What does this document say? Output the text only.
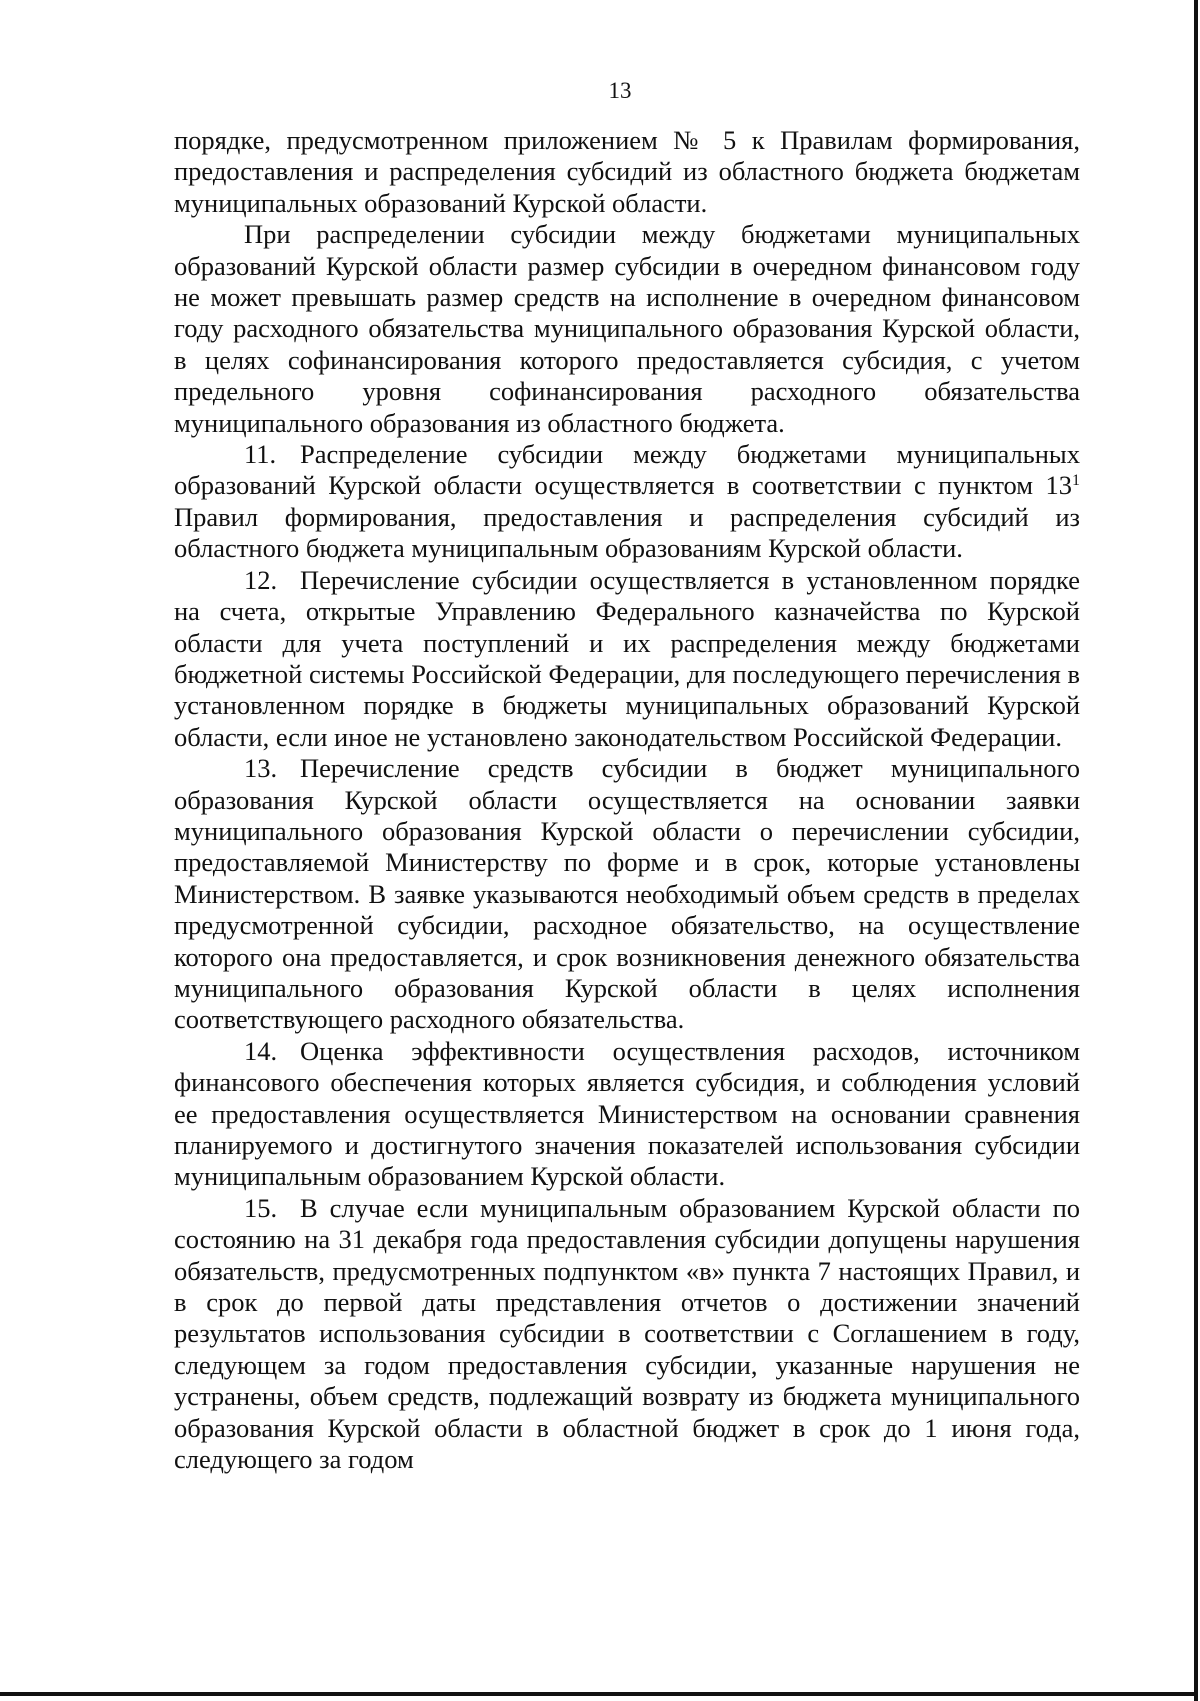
13

порядке, предусмотренном приложением № 5 к Правилам формирования, предоставления и распределения субсидий из областного бюджета бюджетам муниципальных образований Курской области.

При распределении субсидии между бюджетами муниципальных образований Курской области размер субсидии в очередном финансовом году не может превышать размер средств на исполнение в очередном финансовом году расходного обязательства муниципального образования Курской области, в целях софинансирования которого предоставляется субсидия, с учетом предельного уровня софинансирования расходного обязательства муниципального образования из областного бюджета.

11. Распределение субсидии между бюджетами муниципальных образований Курской области осуществляется в соответствии с пунктом $13^1$ Правил формирования, предоставления и распределения субсидий из областного бюджета муниципальным образованиям Курской области.

12. Перечисление субсидии осуществляется в установленном порядке на счета, открытые Управлению Федерального казначейства по Курской области для учета поступлений и их распределения между бюджетами бюджетной системы Российской Федерации, для последующего перечисления в установленном порядке в бюджеты муниципальных образований Курской области, если иное не установлено законодательством Российской Федерации.

13. Перечисление средств субсидии в бюджет муниципального образования Курской области осуществляется на основании заявки муниципального образования Курской области о перечислении субсидии, предоставляемой Министерству по форме и в срок, которые установлены Министерством. В заявке указываются необходимый объем средств в пределах предусмотренной субсидии, расходное обязательство, на осуществление которого она предоставляется, и срок возникновения денежного обязательства муниципального образования Курской области в целях исполнения соответствующего расходного обязательства.

14. Оценка эффективности осуществления расходов, источником финансового обеспечения которых является субсидия, и соблюдения условий ее предоставления осуществляется Министерством на основании сравнения планируемого и достигнутого значения показателей использования субсидии муниципальным образованием Курской области.

15. В случае если муниципальным образованием Курской области по состоянию на 31 декабря года предоставления субсидии допущены нарушения обязательств, предусмотренных подпунктом «в» пункта 7 настоящих Правил, и в срок до первой даты представления отчетов о достижении значений результатов использования субсидии в соответствии с Соглашением в году, следующем за годом предоставления субсидии, указанные нарушения не устранены, объем средств, подлежащий возврату из бюджета муниципального образования Курской области в областной бюджет в срок до 1 июня года, следующего за годом
